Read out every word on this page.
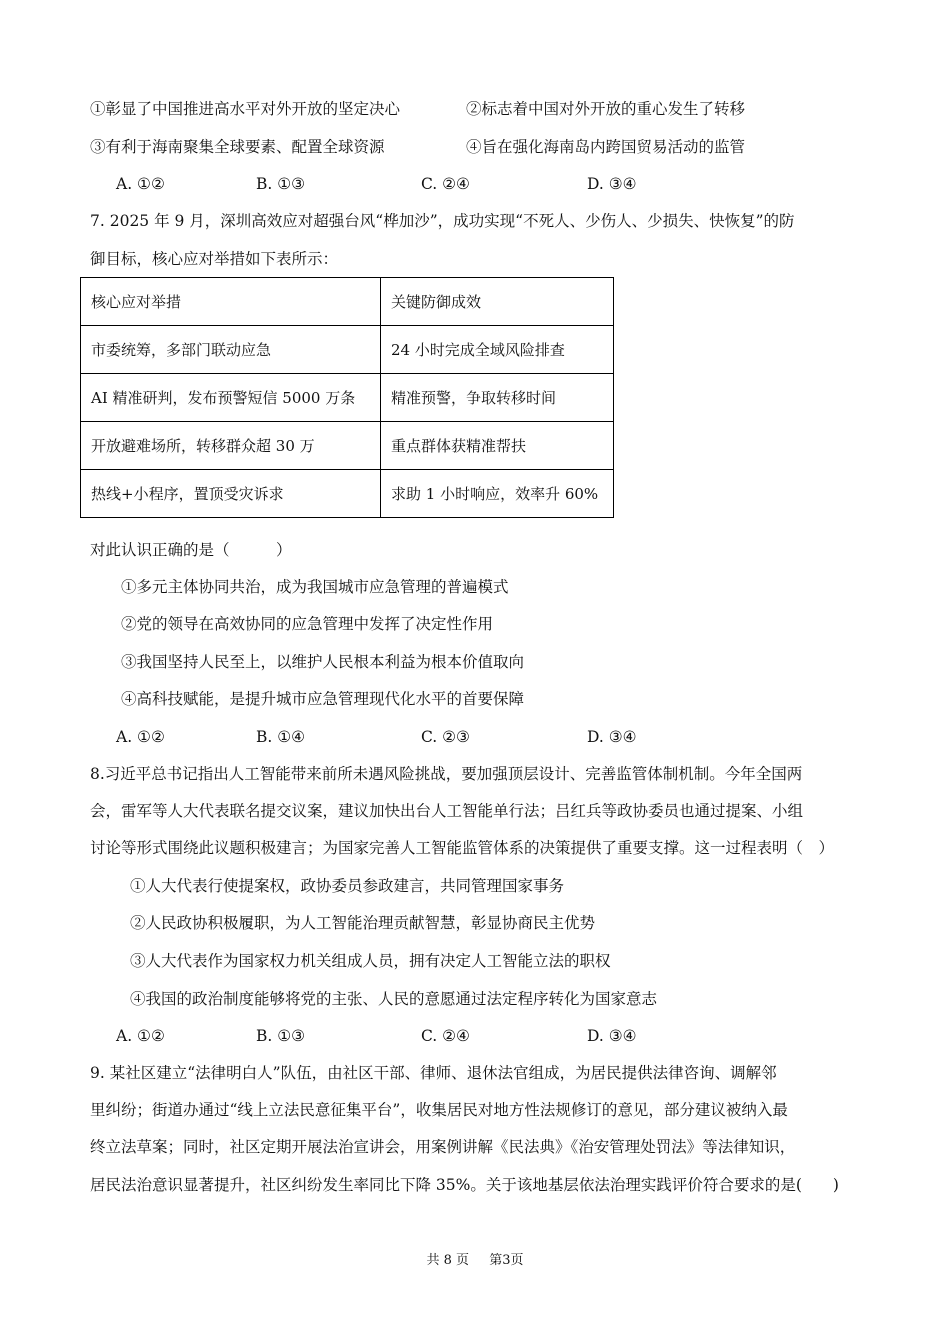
①彰显了中国推进高水平对外开放的坚定决心	②标志着中国对外开放的重心发生了转移
③有利于海南聚集全球要素、配置全球资源	④旨在强化海南岛内跨国贸易活动的监管
A. ①②	B. ①③	C. ②④	D. ③④
7. 2025 年 9 月，深圳高效应对超强台风“桦加沙”，成功实现“不死人、少伤人、少损失、快恢复”的防
御目标，核心应对举措如下表所示：
核心应对举措	关键防御成效
市委统筹，多部门联动应急	24 小时完成全域风险排查
AI 精准研判，发布预警短信 5000 万条	精准预警，争取转移时间
开放避难场所，转移群众超 30 万	重点群体获精准帮扶
热线+小程序，置顶受灾诉求	求助 1 小时响应，效率升 60%
对此认识正确的是（　　　）
①多元主体协同共治，成为我国城市应急管理的普遍模式
②党的领导在高效协同的应急管理中发挥了决定性作用
③我国坚持人民至上，以维护人民根本利益为根本价值取向
④高科技赋能，是提升城市应急管理现代化水平的首要保障
A. ①②	B. ①④	C. ②③	D. ③④
8.习近平总书记指出人工智能带来前所未遇风险挑战，要加强顶层设计、完善监管体制机制。今年全国两
会，雷军等人大代表联名提交议案，建议加快出台人工智能单行法；吕红兵等政协委员也通过提案、小组
讨论等形式围绕此议题积极建言；为国家完善人工智能监管体系的决策提供了重要支撑。这一过程表明（　）
①人大代表行使提案权，政协委员参政建言，共同管理国家事务
②人民政协积极履职，为人工智能治理贡献智慧，彰显协商民主优势
③人大代表作为国家权力机关组成人员，拥有决定人工智能立法的职权
④我国的政治制度能够将党的主张、人民的意愿通过法定程序转化为国家意志
A. ①②	B. ①③	C. ②④	D. ③④
9. 某社区建立“法律明白人”队伍，由社区干部、律师、退休法官组成，为居民提供法律咨询、调解邻
里纠纷；街道办通过“线上立法民意征集平台”，收集居民对地方性法规修订的意见，部分建议被纳入最
终立法草案；同时，社区定期开展法治宣讲会，用案例讲解《民法典》《治安管理处罚法》等法律知识，
居民法治意识显著提升，社区纠纷发生率同比下降 35%。关于该地基层依法治理实践评价符合要求的是(　　)
共 8 页 第3页
